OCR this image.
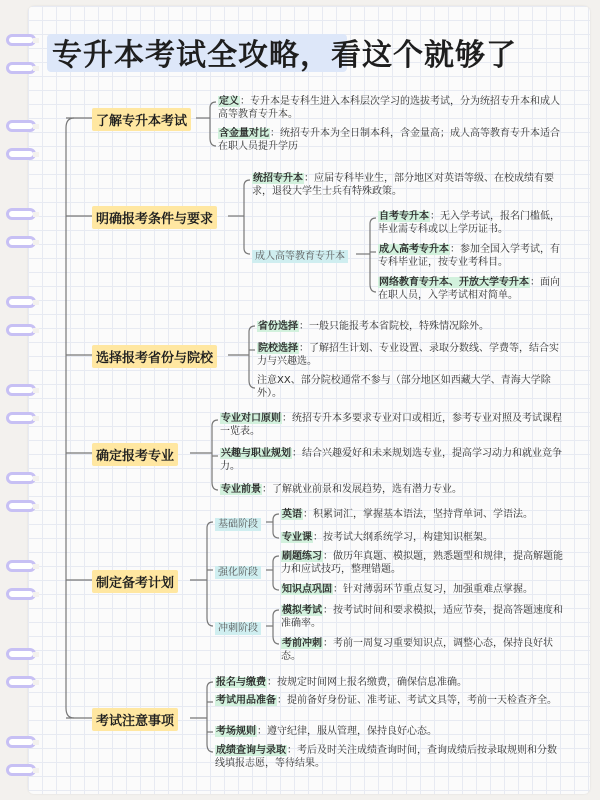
专升本考试全攻略，看这个就够了
了解专升本考试
定义：专升本是专科生进入本科层次学习的选拔考试，分为统招专升本和成人高等教育专升本。
含金量对比：统招专升本为全日制本科，含金量高；成人高等教育专升本适合在职人员提升学历
明确报考条件与要求
统招专升本：应届专科毕业生，部分地区对英语等级、在校成绩有要求，退役大学生士兵有特殊政策。
成人高等教育专升本
自考专升本：无入学考试，报名门槛低，毕业需专科或以上学历证书。
成人高考专升本：参加全国入学考试，有专科毕业证，按专业考科目。
网络教育专升本、开放大学专升本：面向在职人员，入学考试相对简单。
选择报考省份与院校
省份选择：一般只能报考本省院校，特殊情况除外。
院校选择：了解招生计划、专业设置、录取分数线、学费等，结合实力与兴趣选。
注意XX、部分院校通常不参与（部分地区如西藏大学、青海大学除外）。
确定报考专业
专业对口原则：统招专升本多要求专业对口或相近，参考专业对照及考试课程一览表。
兴趣与职业规划：结合兴趣爱好和未来规划选专业，提高学习动力和就业竞争力。
专业前景：了解就业前景和发展趋势，选有潜力专业。
制定备考计划
基础阶段
强化阶段
冲刺阶段
英语：积累词汇，掌握基本语法，坚持背单词、学语法。
专业课：按考试大纲系统学习，构建知识框架。
刷题练习：做历年真题、模拟题，熟悉题型和规律，提高解题能力和应试技巧，整理错题。
知识点巩固：针对薄弱环节重点复习，加强重难点掌握。
模拟考试：按考试时间和要求模拟，适应节奏，提高答题速度和准确率。
考前冲刺：考前一周复习重要知识点，调整心态，保持良好状态。
考试注意事项
报名与缴费：按规定时间网上报名缴费，确保信息准确。
考试用品准备：提前备好身份证、准考证、考试文具等，考前一天检查齐全。
考场规则：遵守纪律，服从管理，保持良好心态。
成绩查询与录取：考后及时关注成绩查询时间，查询成绩后按录取规则和分数线填报志愿，等待结果。
